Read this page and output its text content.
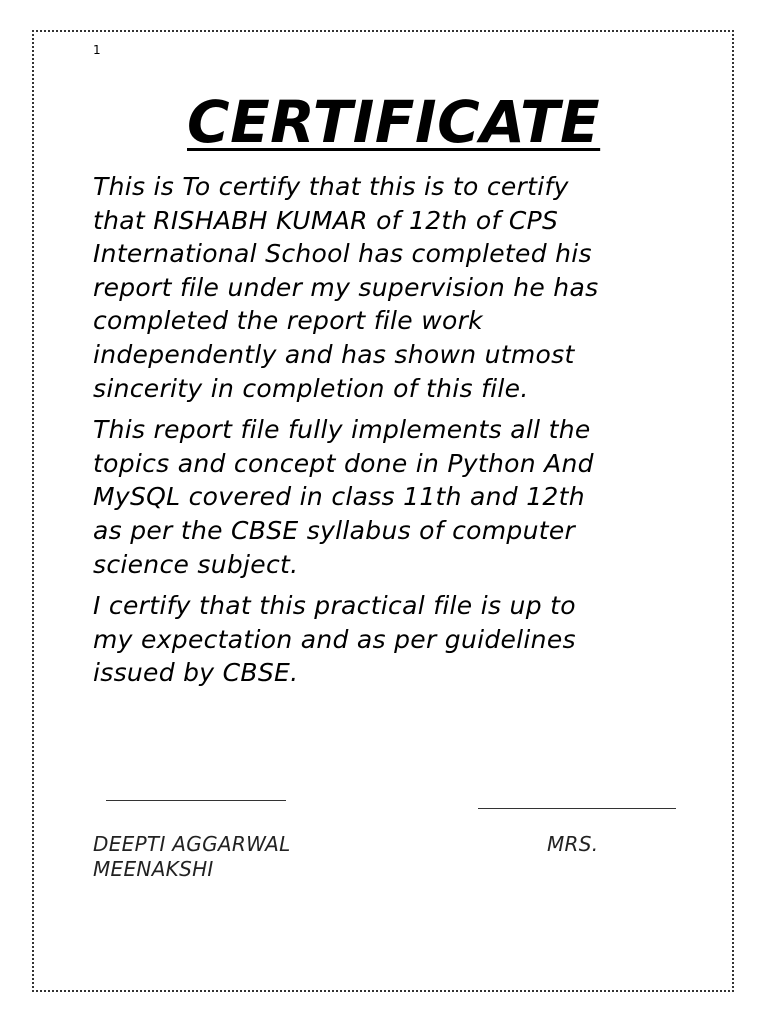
1
CERTIFICATE

This is To certify that this is to certify
that RISHABH KUMAR of 12th of CPS
International School has completed his
report file under my supervision he has
completed the report file work
independently and has shown utmost
sincerity in completion of this file.

This report file fully implements all the
topics and concept done in Python And
MySQL covered in class 11th and 12th
as per the CBSE syllabus of computer
science subject.

I certify that this practical file is up to
my expectation and as per guidelines
issued by CBSE.

DEEPTI AGGARWAL	MRS.
MEENAKSHI
